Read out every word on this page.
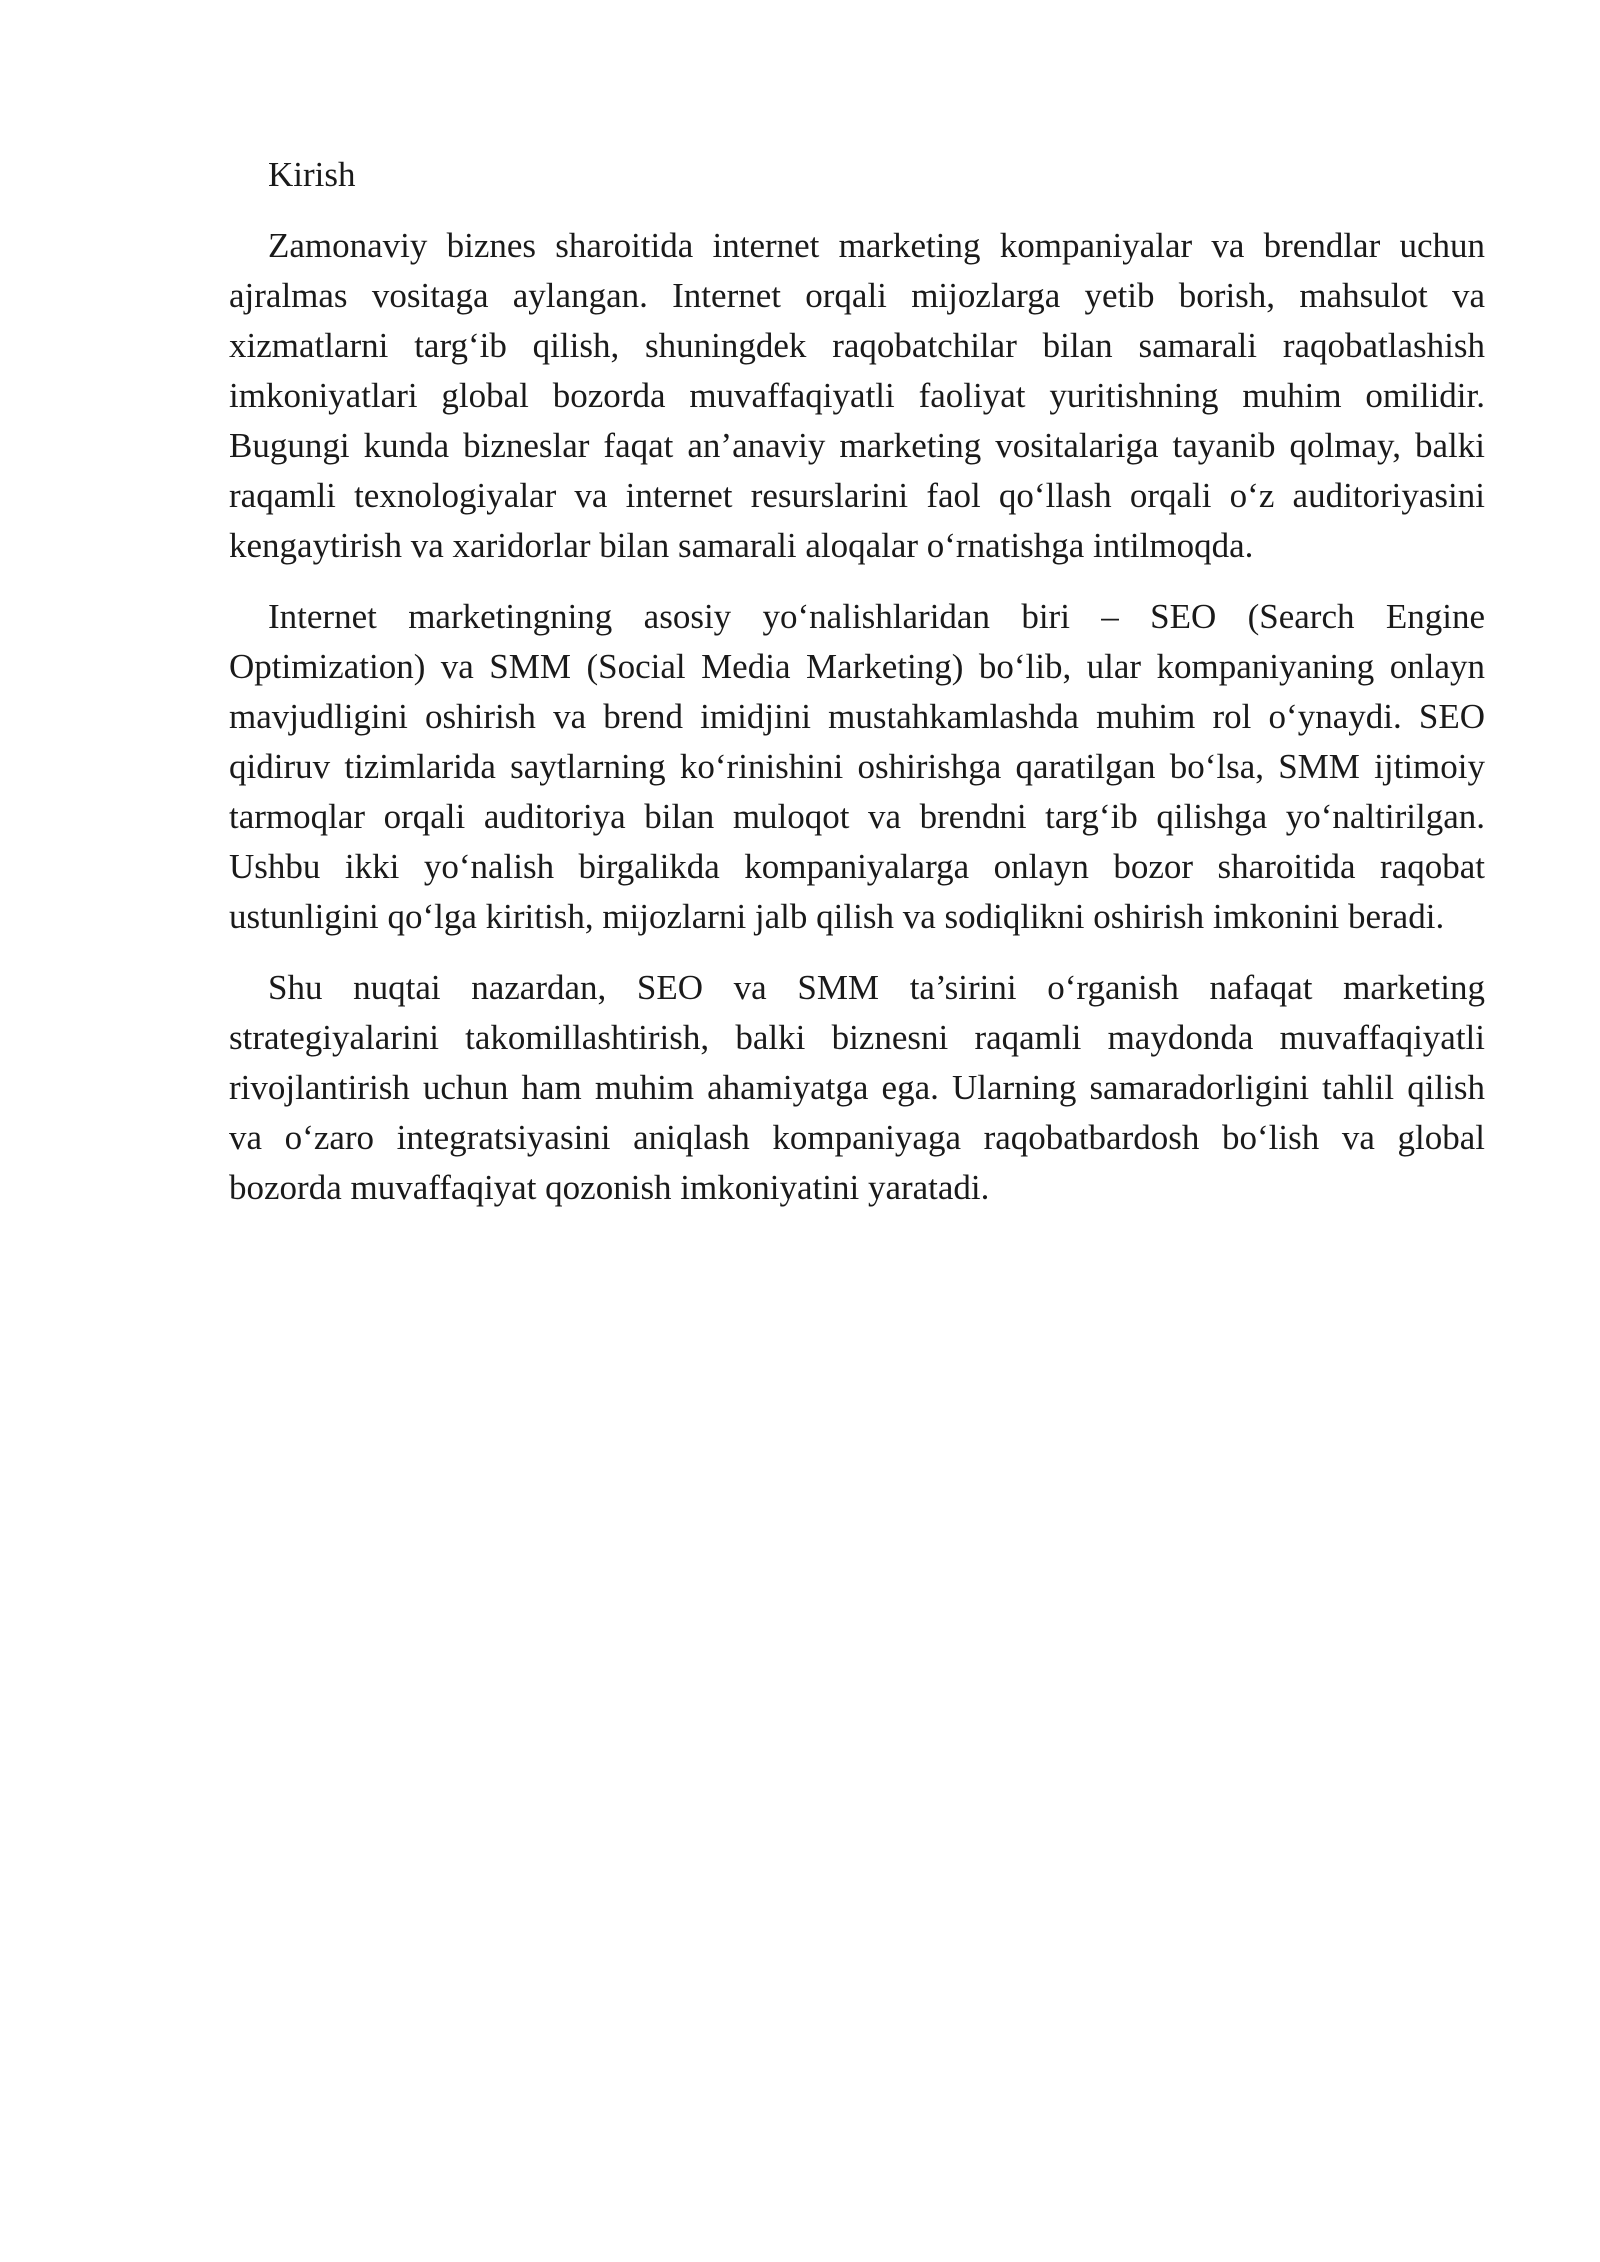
Kirish

Zamonaviy biznes sharoitida internet marketing kompaniyalar va brendlar uchun ajralmas vositaga aylangan. Internet orqali mijozlarga yetib borish, mahsulot va xizmatlarni targ‘ib qilish, shuningdek raqobatchilar bilan samarali raqobatlashish imkoniyatlari global bozorda muvaffaqiyatli faoliyat yuritishning muhim omilidir. Bugungi kunda bizneslar faqat an’anaviy marketing vositalariga tayanib qolmay, balki raqamli texnologiyalar va internet resurslarini faol qo‘llash orqali o‘z auditoriyasini kengaytirish va xaridorlar bilan samarali aloqalar o‘rnatishga intilmoqda.

Internet marketingning asosiy yo‘nalishlaridan biri – SEO (Search Engine Optimization) va SMM (Social Media Marketing) bo‘lib, ular kompaniyaning onlayn mavjudligini oshirish va brend imidjini mustahkamlashda muhim rol o‘ynaydi. SEO qidiruv tizimlarida saytlarning ko‘rinishini oshirishga qaratilgan bo‘lsa, SMM ijtimoiy tarmoqlar orqali auditoriya bilan muloqot va brendni targ‘ib qilishga yo‘naltirilgan. Ushbu ikki yo‘nalish birgalikda kompaniyalarga onlayn bozor sharoitida raqobat ustunligini qo‘lga kiritish, mijozlarni jalb qilish va sodiqlikni oshirish imkonini beradi.

Shu nuqtai nazardan, SEO va SMM ta’sirini o‘rganish nafaqat marketing strategiyalarini takomillashtirish, balki biznesni raqamli maydonda muvaffaqiyatli rivojlantirish uchun ham muhim ahamiyatga ega. Ularning samaradorligini tahlil qilish va o‘zaro integratsiyasini aniqlash kompaniyaga raqobatbardosh bo‘lish va global bozorda muvaffaqiyat qozonish imkoniyatini yaratadi.
